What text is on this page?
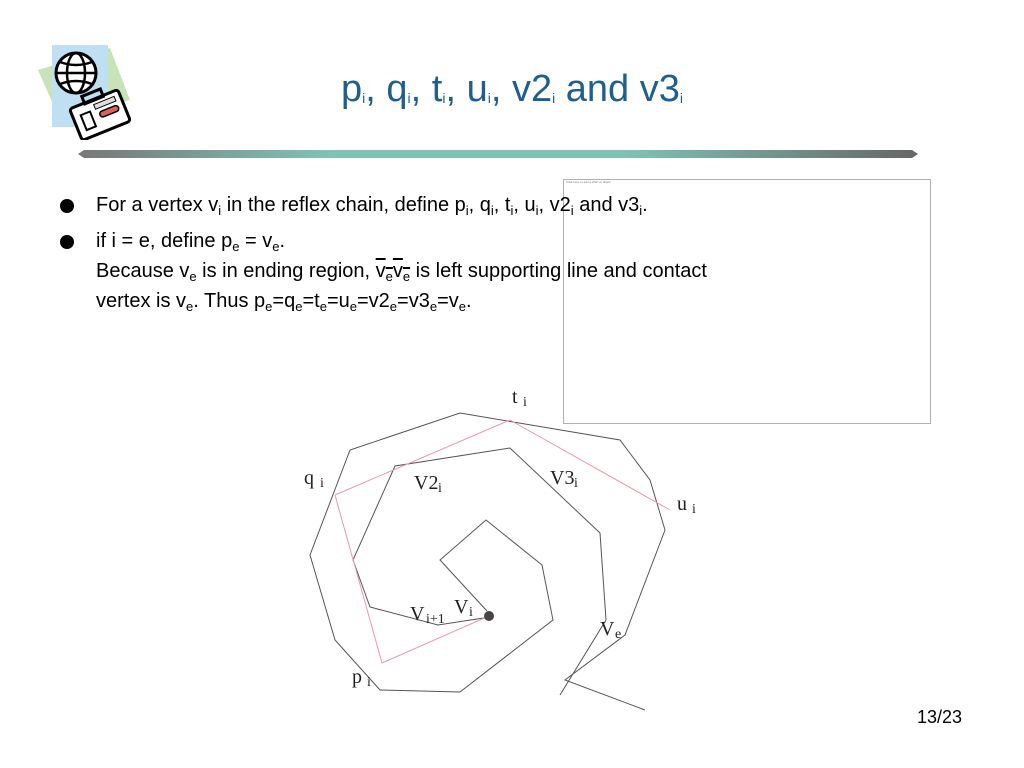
pi, qi, ti, ui, v2i and v3i
Click here to add a chart or object
For a vertex $v_i$ in the reflex chain, define $p_i$, $q_i$, $t_i$, $u_i$, $v2_i$ and $v3_i$.
if i = e, define $p_e = v_e$.
Because $v_e$ is in ending region, $v_ev_e$ is left supporting line and contact
vertex is $v_e$. Thus $p_e=q_e=t_e=u_e=v2_e=v3_e=v_e$.
t i
q i	V2 i	V3 i
u i
V i
V i+1	V e
p i
13/23
